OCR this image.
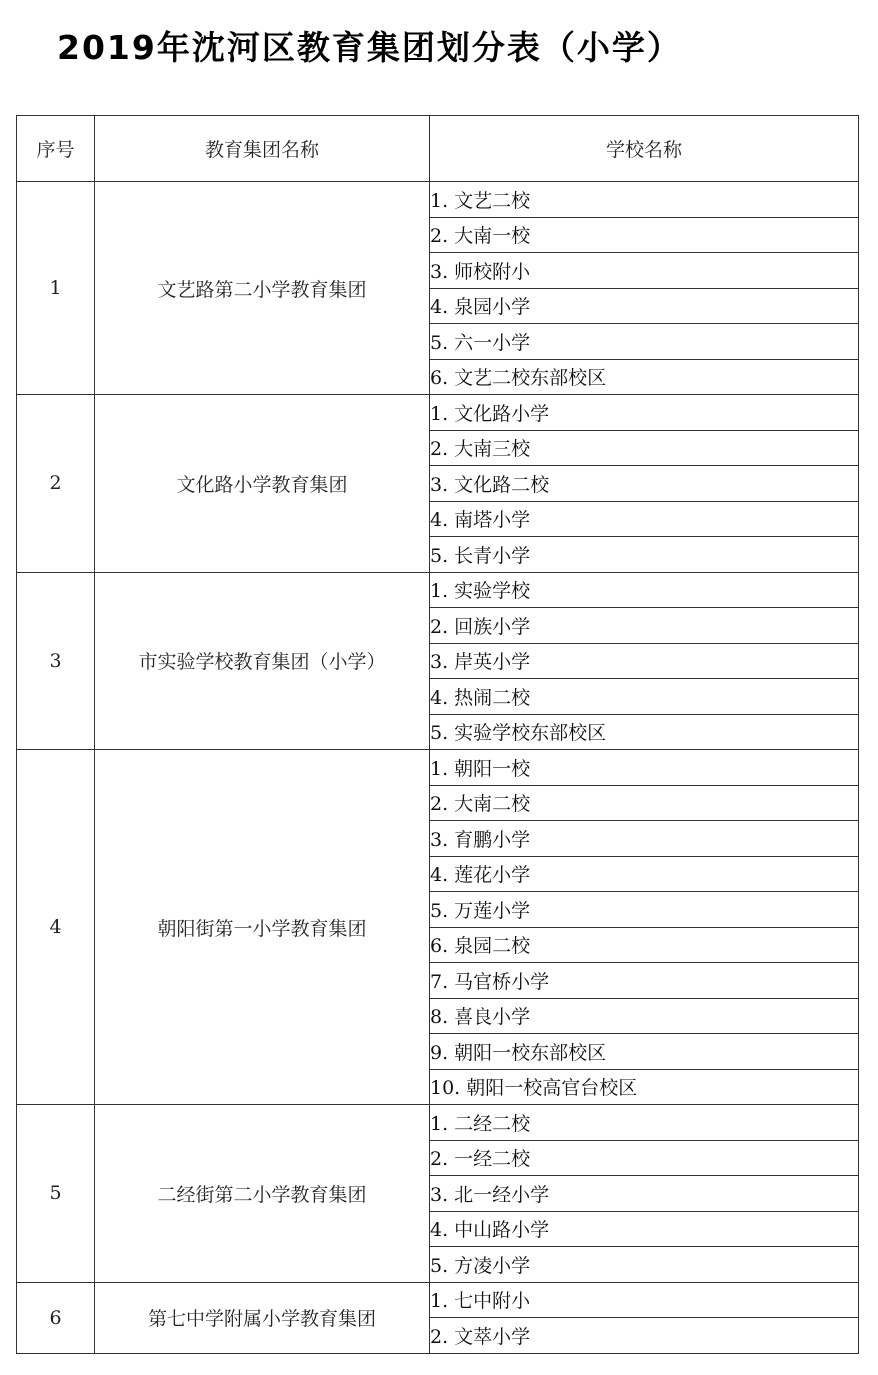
2019年沈河区教育集团划分表（小学）
序号	教育集团名称	学校名称
1	文艺路第二小学教育集团	1. 文艺二校
		2. 大南一校
		3. 师校附小
		4. 泉园小学
		5. 六一小学
		6. 文艺二校东部校区
2	文化路小学教育集团	1. 文化路小学
		2. 大南三校
		3. 文化路二校
		4. 南塔小学
		5. 长青小学
3	市实验学校教育集团（小学）	1. 实验学校
		2. 回族小学
		3. 岸英小学
		4. 热闹二校
		5. 实验学校东部校区
4	朝阳街第一小学教育集团	1. 朝阳一校
		2. 大南二校
		3. 育鹏小学
		4. 莲花小学
		5. 万莲小学
		6. 泉园二校
		7. 马官桥小学
		8. 喜良小学
		9. 朝阳一校东部校区
		10. 朝阳一校高官台校区
5	二经街第二小学教育集团	1. 二经二校
		2. 一经二校
		3. 北一经小学
		4. 中山路小学
		5. 方凌小学
6	第七中学附属小学教育集团	1. 七中附小
		2. 文萃小学
